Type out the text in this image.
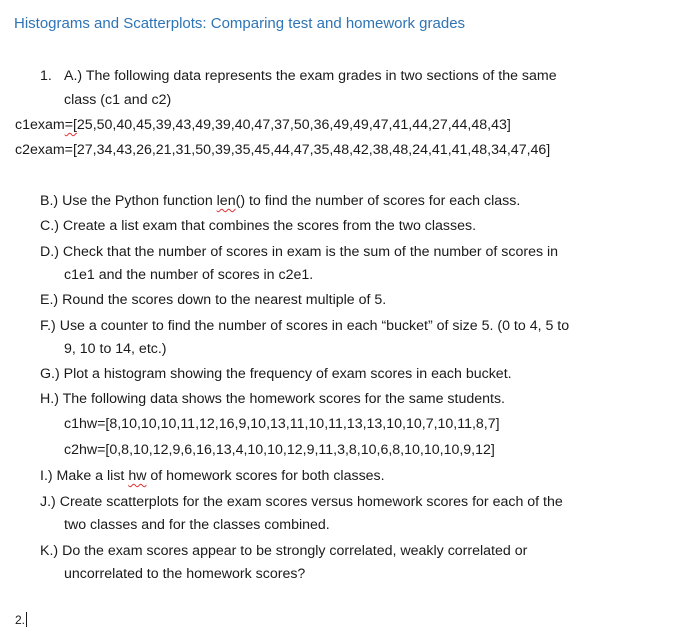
Histograms and Scatterplots: Comparing test and homework grades
1. A.) The following data represents the exam grades in two sections of the same
class (c1 and c2)
c1exam=[25,50,40,45,39,43,49,39,40,47,37,50,36,49,49,47,41,44,27,44,48,43]
c2exam=[27,34,43,26,21,31,50,39,35,45,44,47,35,48,42,38,48,24,41,41,48,34,47,46]
B.) Use the Python function len() to find the number of scores for each class.
C.) Create a list exam that combines the scores from the two classes.
D.) Check that the number of scores in exam is the sum of the number of scores in
c1e1 and the number of scores in c2e1.
E.) Round the scores down to the nearest multiple of 5.
F.) Use a counter to find the number of scores in each “bucket” of size 5. (0 to 4, 5 to
9, 10 to 14, etc.)
G.) Plot a histogram showing the frequency of exam scores in each bucket.
H.) The following data shows the homework scores for the same students.
c1hw=[8,10,10,10,11,12,16,9,10,13,11,10,11,13,13,10,10,7,10,11,8,7]
c2hw=[0,8,10,12,9,6,16,13,4,10,10,12,9,11,3,8,10,6,8,10,10,10,9,12]
I.) Make a list hw of homework scores for both classes.
J.) Create scatterplots for the exam scores versus homework scores for each of the
two classes and for the classes combined.
K.) Do the exam scores appear to be strongly correlated, weakly correlated or
uncorrelated to the homework scores?
2.
